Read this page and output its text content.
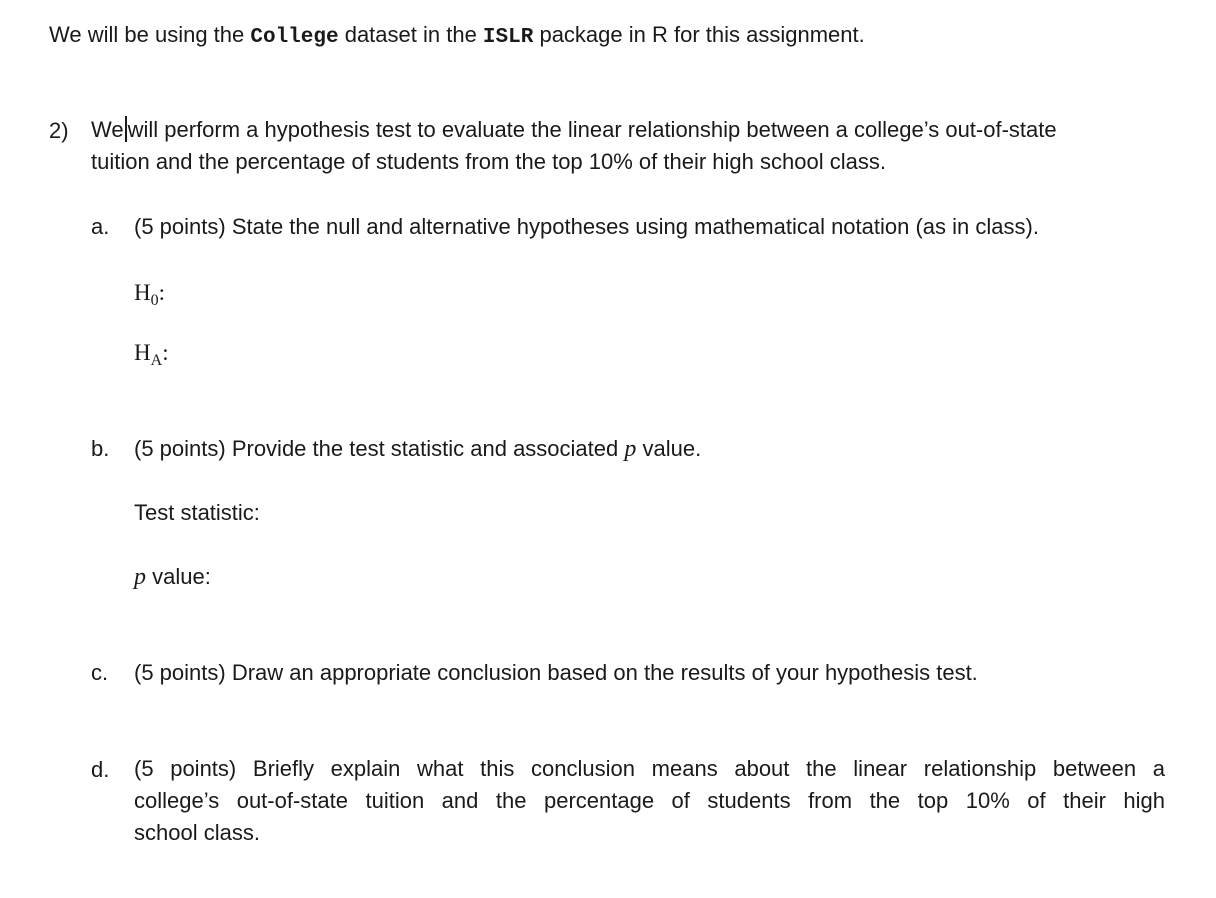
We will be using the College dataset in the ISLR package in R for this assignment.
2) We will perform a hypothesis test to evaluate the linear relationship between a college’s out-of-state
tuition and the percentage of students from the top 10% of their high school class.
a. (5 points) State the null and alternative hypotheses using mathematical notation (as in class).
$H_0$:
$H_A$:
b. (5 points) Provide the test statistic and associated p value.
Test statistic:
p value:
c. (5 points) Draw an appropriate conclusion based on the results of your hypothesis test.
d. (5 points) Briefly explain what this conclusion means about the linear relationship between a
college’s out-of-state tuition and the percentage of students from the top 10% of their high
school class.
